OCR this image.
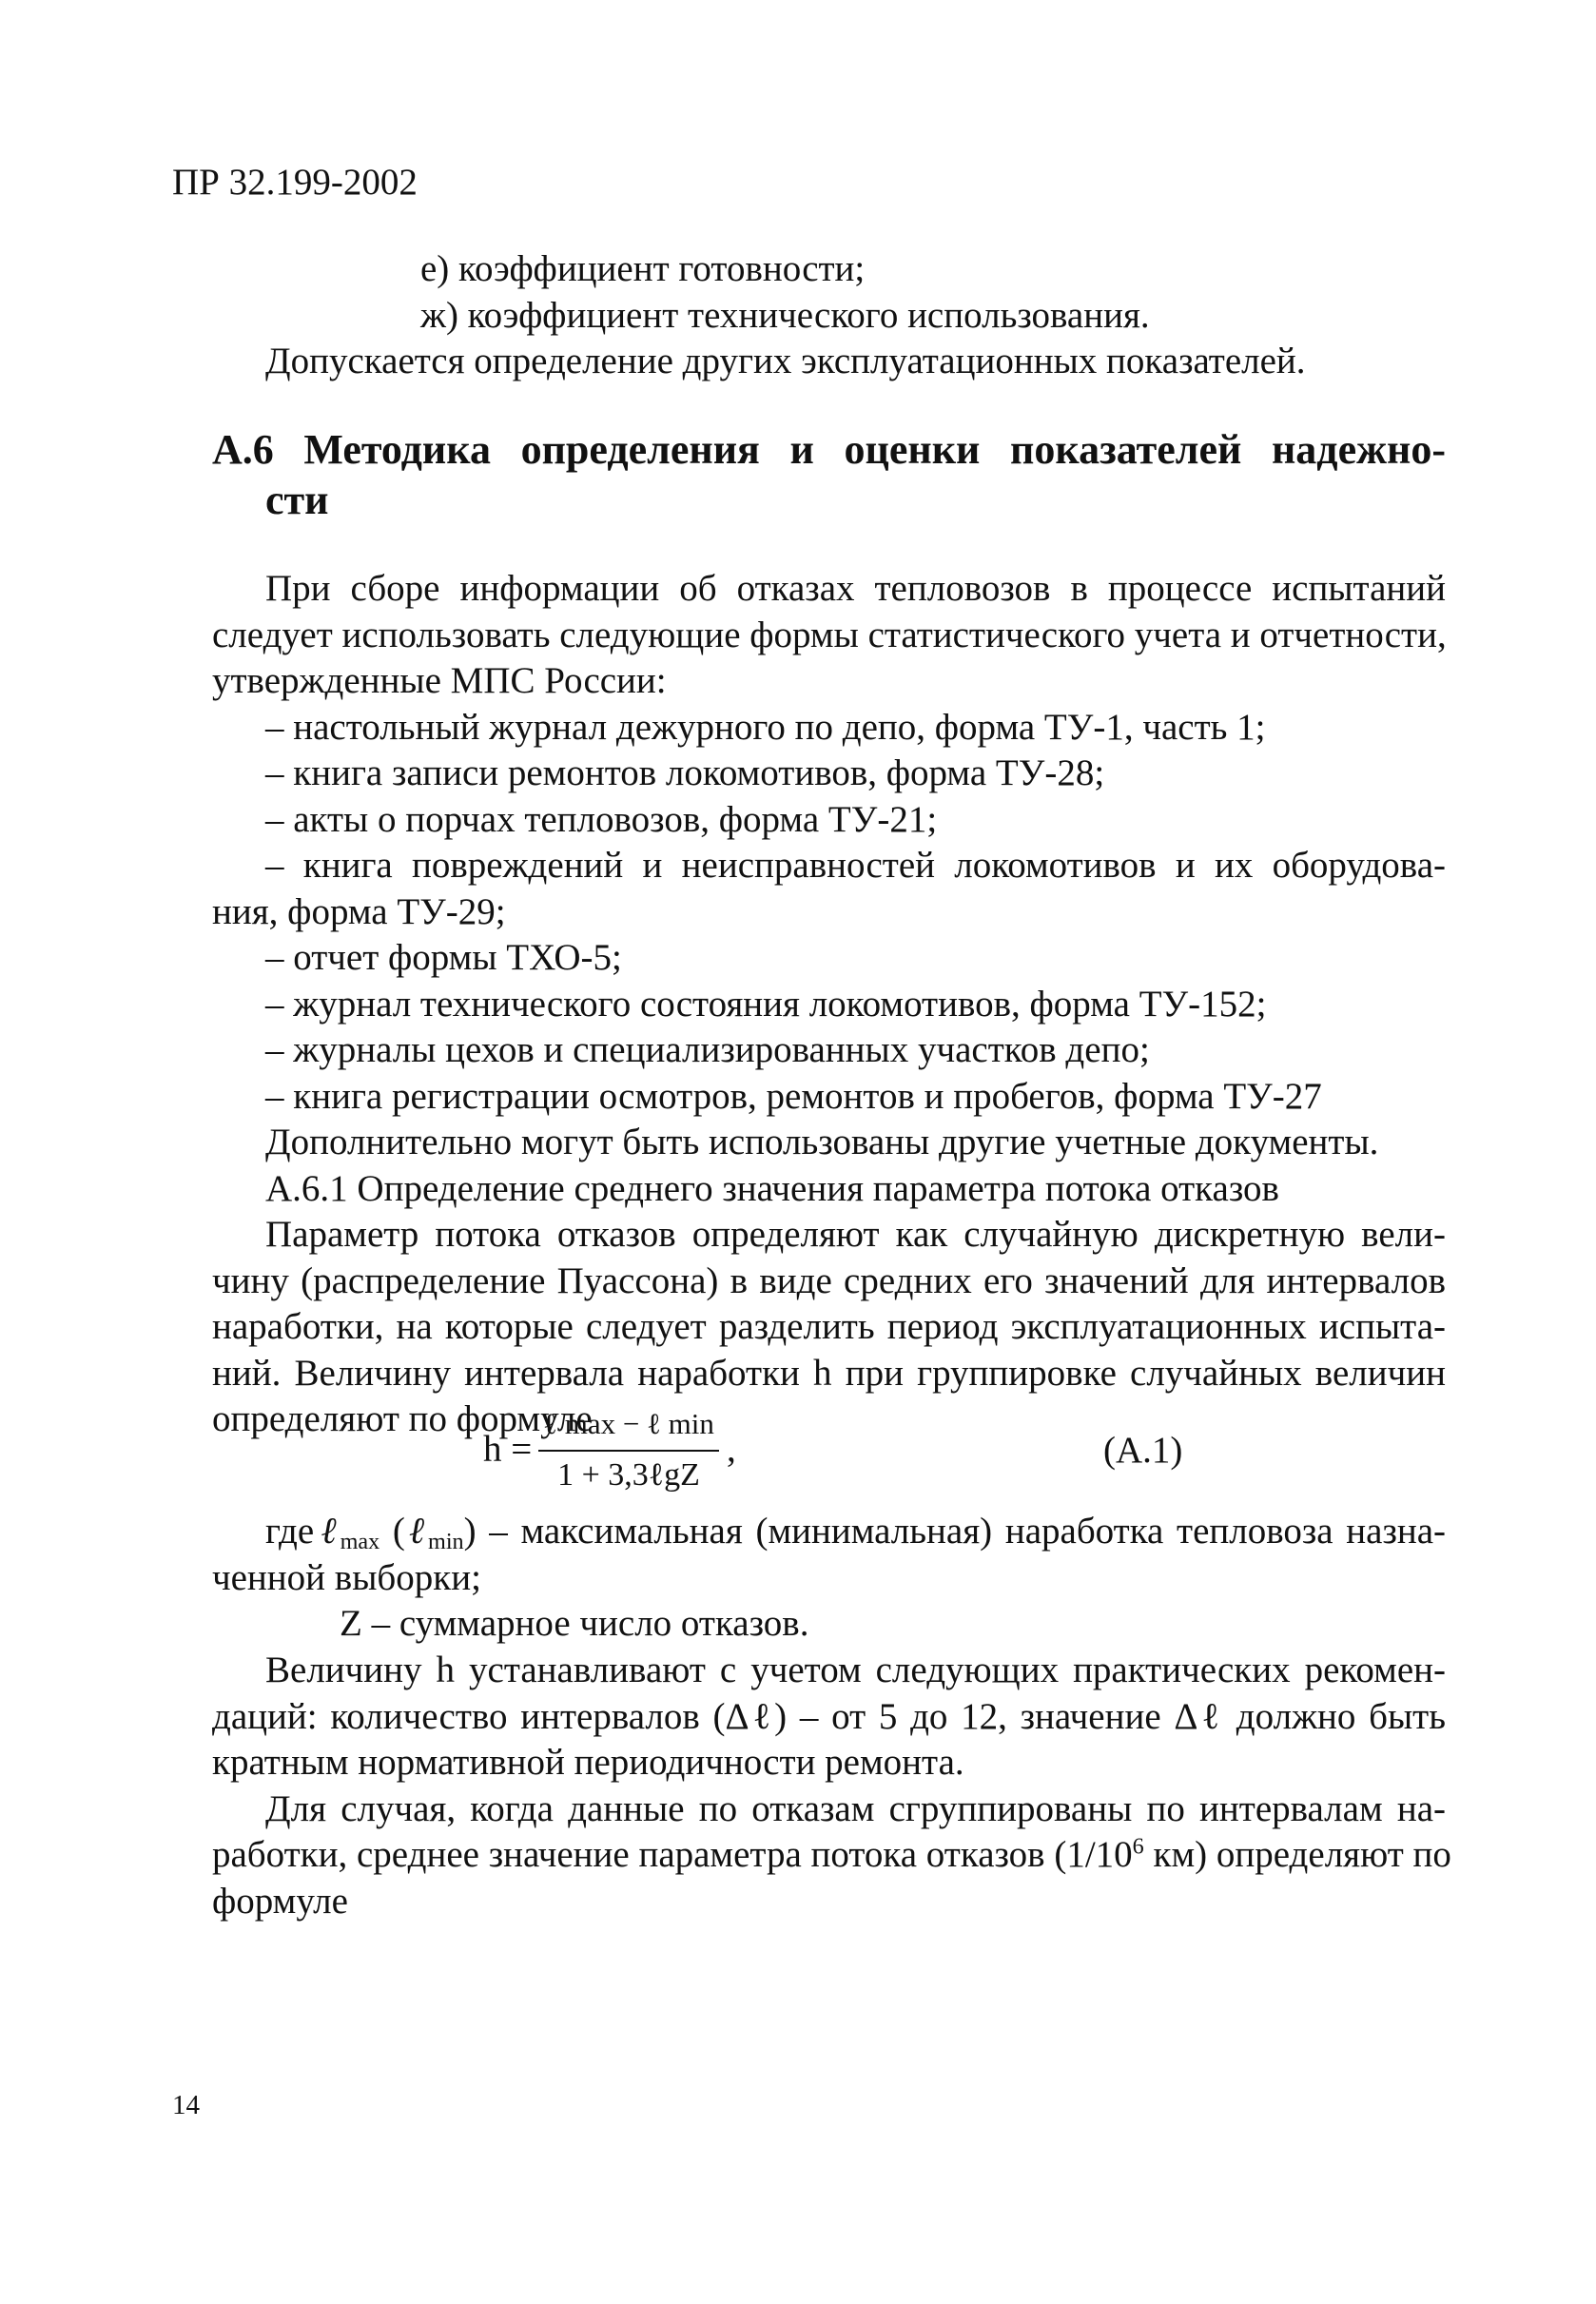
ПР 32.199-2002
е) коэффициент готовности;
ж) коэффициент технического использования.
Допускается определение других эксплуатационных показателей.
А.6 Методика определения и оценки показателей надежно-
сти
При сборе информации об отказах тепловозов в процессе испытаний
следует использовать следующие формы статистического учета и отчетности,
утвержденные МПС России:
– настольный журнал дежурного по депо, форма ТУ-1, часть 1;
– книга записи ремонтов локомотивов, форма ТУ-28;
– акты о порчах тепловозов, форма ТУ-21;
– книга повреждений и неисправностей локомотивов и их оборудова-
ния, форма ТУ-29;
– отчет формы ТХО-5;
– журнал технического состояния локомотивов, форма ТУ-152;
– журналы цехов и специализированных участков депо;
– книга регистрации осмотров, ремонтов и пробегов, форма ТУ-27
Дополнительно могут быть использованы другие учетные документы.
А.6.1 Определение среднего значения параметра потока отказов
Параметр потока отказов определяют как случайную дискретную вели-
чину (распределение Пуассона) в виде средних его значений для интервалов
наработки, на которые следует разделить период эксплуатационных испыта-
ний. Величину интервала наработки h при группировке случайных величин
определяют по формуле
h =
ℓ max − ℓ min
1 + 3,3ℓgZ
,	(А.1)
где ℓ$_{max}$ (ℓ$_{min}$) – максимальная (минимальная) наработка тепловоза назна-
ченной выборки;
Z – суммарное число отказов.
Величину h устанавливают с учетом следующих практических рекомен-
даций: количество интервалов (Δℓ) – от 5 до 12, значение Δℓ должно быть
кратным нормативной периодичности ремонта.
Для случая, когда данные по отказам сгруппированы по интервалам на-
работки, среднее значение параметра потока отказов ($1/10^6$ км) определяют по
формуле
14
